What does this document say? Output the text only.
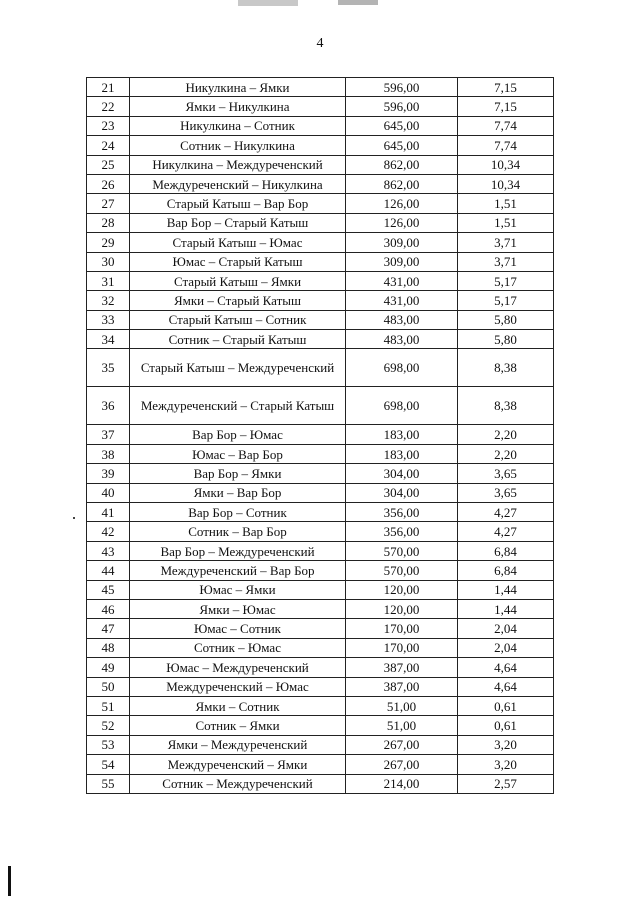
4
21	Никулкина – Ямки	596,00	7,15
22	Ямки – Никулкина	596,00	7,15
23	Никулкина – Сотник	645,00	7,74
24	Сотник – Никулкина	645,00	7,74
25	Никулкина – Междуреченский	862,00	10,34
26	Междуреченский – Никулкина	862,00	10,34
27	Старый Катыш – Вар Бор	126,00	1,51
28	Вар Бор – Старый Катыш	126,00	1,51
29	Старый Катыш – Юмас	309,00	3,71
30	Юмас – Старый Катыш	309,00	3,71
31	Старый Катыш – Ямки	431,00	5,17
32	Ямки – Старый Катыш	431,00	5,17
33	Старый Катыш – Сотник	483,00	5,80
34	Сотник – Старый Катыш	483,00	5,80
35	Старый Катыш – Междуреченский	698,00	8,38
36	Междуреченский – Старый Катыш	698,00	8,38
37	Вар Бор – Юмас	183,00	2,20
38	Юмас – Вар Бор	183,00	2,20
39	Вар Бор – Ямки	304,00	3,65
40	Ямки – Вар Бор	304,00	3,65
41	Вар Бор – Сотник	356,00	4,27
42	Сотник – Вар Бор	356,00	4,27
43	Вар Бор – Междуреченский	570,00	6,84
44	Междуреченский – Вар Бор	570,00	6,84
45	Юмас – Ямки	120,00	1,44
46	Ямки – Юмас	120,00	1,44
47	Юмас – Сотник	170,00	2,04
48	Сотник – Юмас	170,00	2,04
49	Юмас – Междуреченский	387,00	4,64
50	Междуреченский – Юмас	387,00	4,64
51	Ямки – Сотник	51,00	0,61
52	Сотник – Ямки	51,00	0,61
53	Ямки – Междуреченский	267,00	3,20
54	Междуреченский – Ямки	267,00	3,20
55	Сотник – Междуреченский	214,00	2,57
